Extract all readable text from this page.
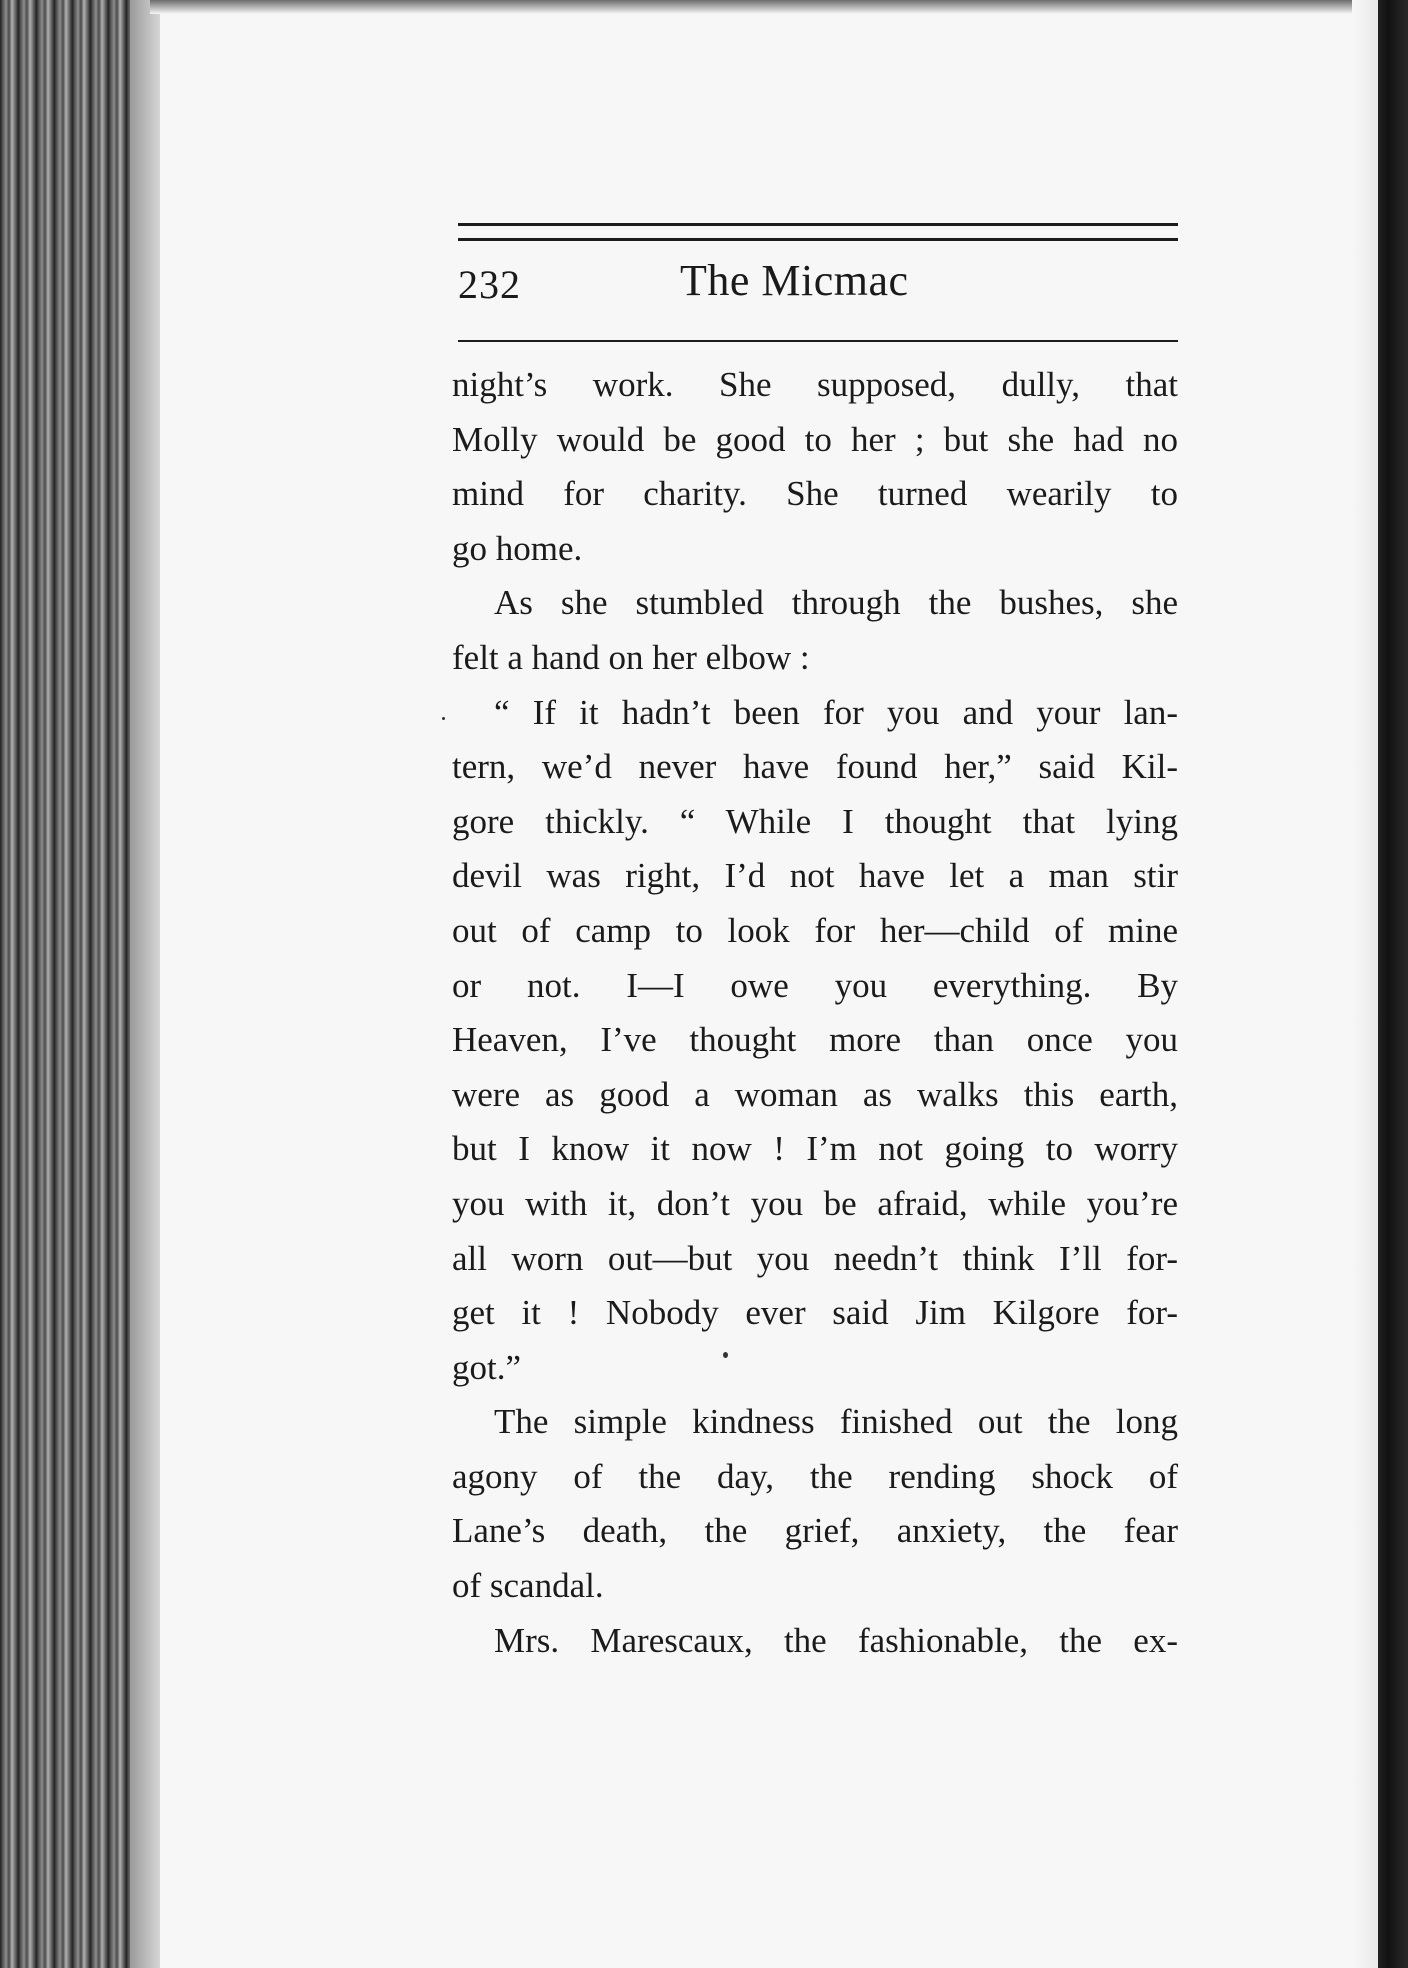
232	The Micmac
night’s work. She supposed, dully, that
Molly would be good to her ; but she had no
mind for charity. She turned wearily to
go home.
As she stumbled through the bushes, she
felt a hand on her elbow :
“ If it hadn’t been for you and your lan-
tern, we’d never have found her,” said Kil-
gore thickly. “ While I thought that lying
devil was right, I’d not have let a man stir
out of camp to look for her—child of mine
or not. I—I owe you everything. By
Heaven, I’ve thought more than once you
were as good a woman as walks this earth,
but I know it now ! I’m not going to worry
you with it, don’t you be afraid, while you’re
all worn out—but you needn’t think I’ll for-
get it ! Nobody ever said Jim Kilgore for-
got.”
The simple kindness finished out the long
agony of the day, the rending shock of
Lane’s death, the grief, anxiety, the fear
of scandal.
Mrs. Marescaux, the fashionable, the ex-
